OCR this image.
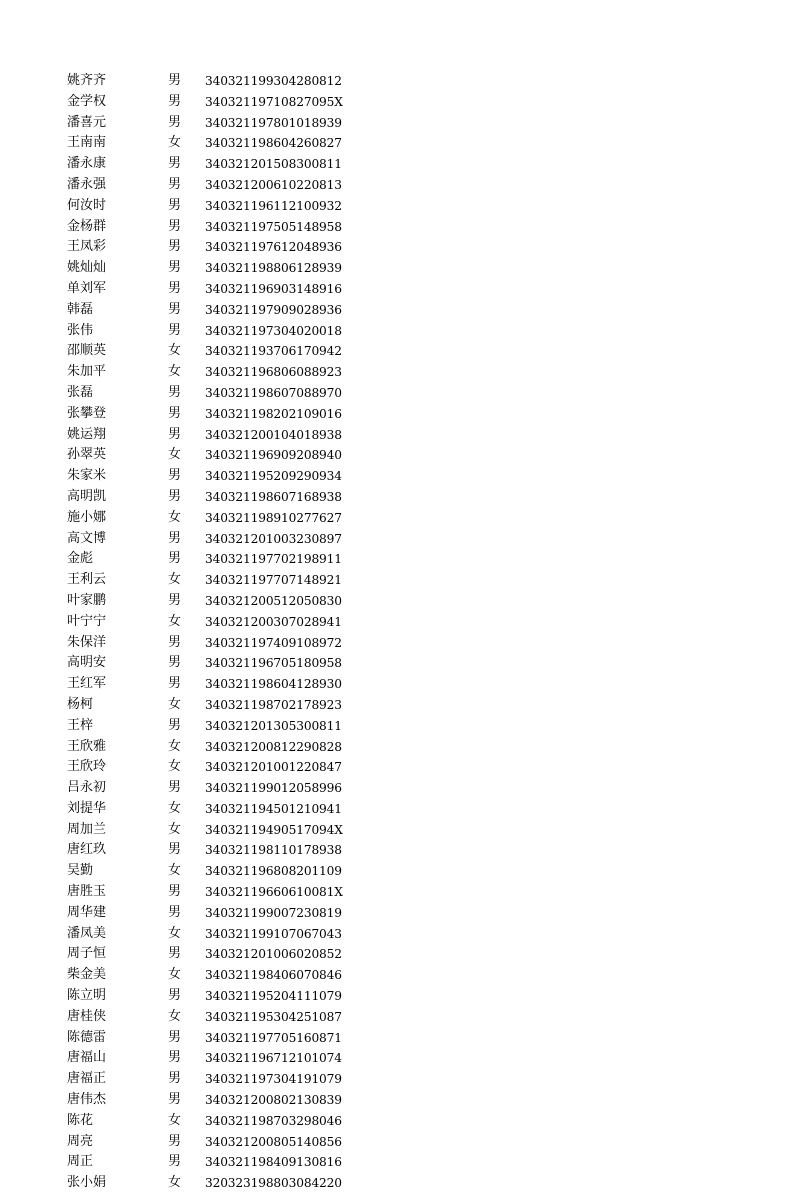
姚齐齐	男 340321199304280812
金学权	男 34032119710827095X
潘喜元	男 340321197801018939
王南南	女 340321198604260827
潘永康	男 340321201508300811
潘永强	男 340321200610220813
何汝时	男 340321196112100932
金杨群	男 340321197505148958
王凤彩	男 340321197612048936
姚灿灿	男 340321198806128939
单刘军	男 340321196903148916
韩磊	男 340321197909028936
张伟	男 340321197304020018
邵顺英	女 340321193706170942
朱加平	女 340321196806088923
张磊	男 340321198607088970
张攀登	男 340321198202109016
姚运翔	男 340321200104018938
孙翠英	女 340321196909208940
朱家米	男 340321195209290934
高明凯	男 340321198607168938
施小娜	女 340321198910277627
高文博	男 340321201003230897
金彪	男 340321197702198911
王利云	女 340321197707148921
叶家鹏	男 340321200512050830
叶宁宁	女 340321200307028941
朱保洋	男 340321197409108972
高明安	男 340321196705180958
王红军	男 340321198604128930
杨柯	女 340321198702178923
王梓	男 340321201305300811
王欣雅	女 340321200812290828
王欣玲	女 340321201001220847
吕永初	男 340321199012058996
刘提华	女 340321194501210941
周加兰	女 34032119490517094X
唐红玖	男 340321198110178938
吴勤	女 340321196808201109
唐胜玉	男 34032119660610081X
周华建	男 340321199007230819
潘凤美	女 340321199107067043
周子恒	男 340321201006020852
柴金美	女 340321198406070846
陈立明	男 340321195204111079
唐桂侠	女 340321195304251087
陈德雷	男 340321197705160871
唐福山	男 340321196712101074
唐福正	男 340321197304191079
唐伟杰	男 340321200802130839
陈花	女 340321198703298046
周亮	男 340321200805140856
周正	男 340321198409130816
张小娟	女 320323198803084220
